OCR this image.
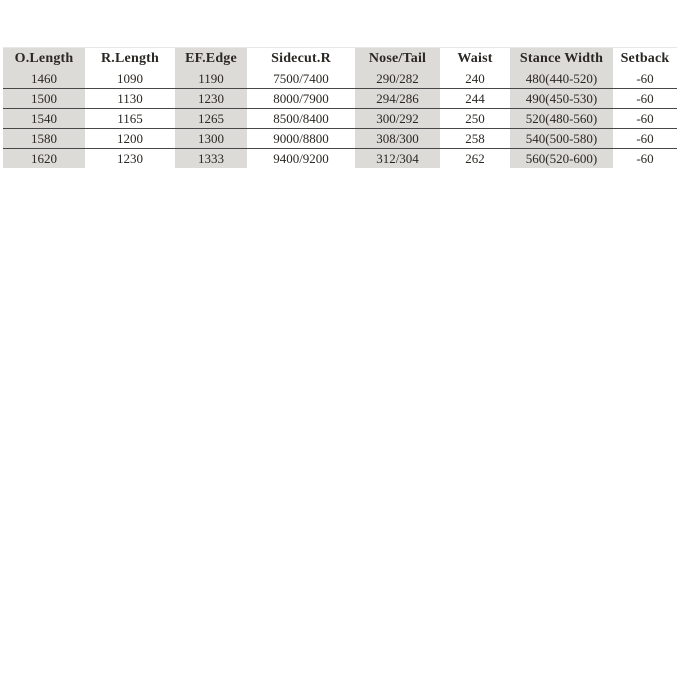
O.Length	R.Length	EF.Edge	Sidecut.R	Nose/Tail	Waist	Stance Width	Setback
1460	1090	1190	7500/7400	290/282	240	480(440-520)	-60
1500	1130	1230	8000/7900	294/286	244	490(450-530)	-60
1540	1165	1265	8500/8400	300/292	250	520(480-560)	-60
1580	1200	1300	9000/8800	308/300	258	540(500-580)	-60
1620	1230	1333	9400/9200	312/304	262	560(520-600)	-60
